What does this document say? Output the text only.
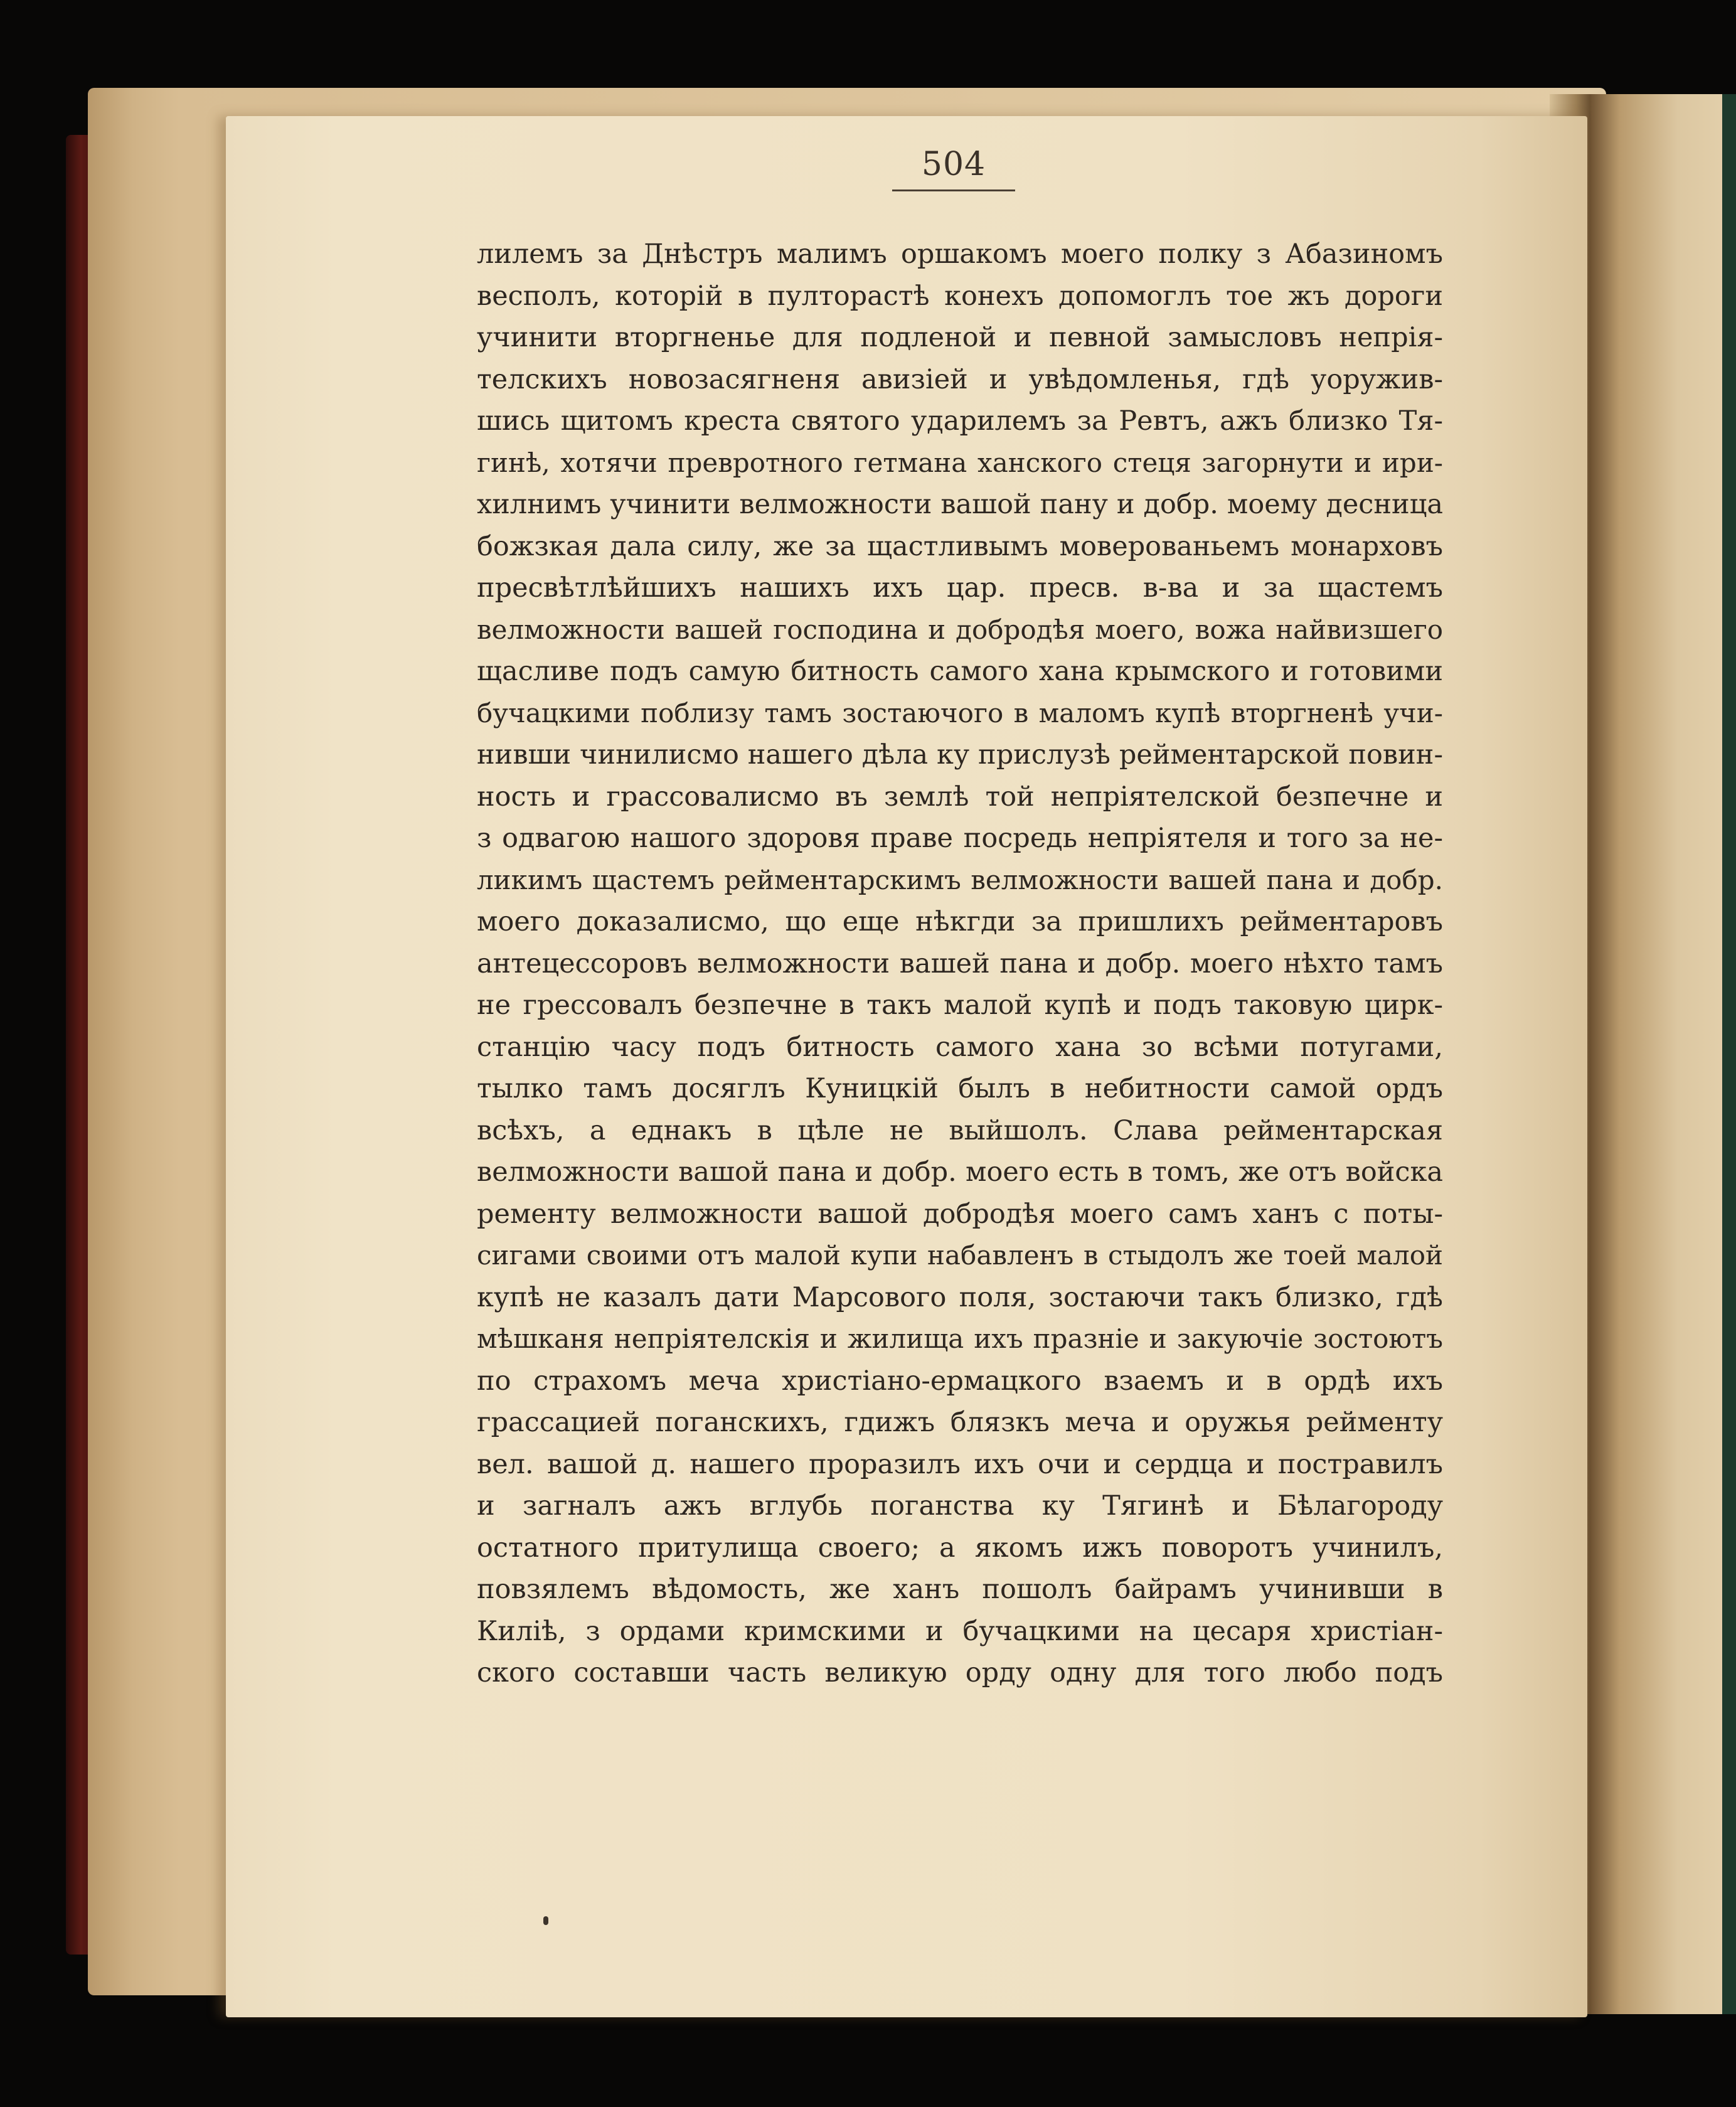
504
лилемъ за Днѣстръ малимъ оршакомъ моего полку з Абазиномъ
весполъ, которій в пулторастѣ конехъ допомоглъ тое жъ дороги
учинити вторгненье для подленой и певной замысловъ непрія-
телскихъ новозасягненя авизіей и увѣдомленья, гдѣ уоружив-
шись щитомъ креста святого ударилемъ за Ревтъ, ажъ близко Тя-
гинѣ, хотячи превротного гетмана ханского стеця загорнути и ири-
хилнимъ учинити велможности вашой пану и добр. моему десница
божзкая дала силу, же за щастливымъ моверованьемъ монарховъ
пресвѣтлѣйшихъ нашихъ ихъ цар. пресв. в-ва и за щастемъ
велможности вашей господина и добродѣя моего, вожа найвизшего
щасливе подъ самую битность самого хана крымского и готовими
бучацкими поблизу тамъ зостаючого в маломъ купѣ вторгненѣ учи-
нивши чинилисмо нашего дѣла ку прислузѣ рейментарской повин-
ность и грассовалисмо въ землѣ той непріятелской безпечне и
з одвагою нашого здоровя праве посредь непріятеля и того за не-
ликимъ щастемъ рейментарскимъ велможности вашей пана и добр.
моего доказалисмо, що еще нѣкгди за пришлихъ рейментаровъ
антецессоровъ велможности вашей пана и добр. моего нѣхто тамъ
не грессовалъ безпечне в такъ малой купѣ и подъ таковую цирк-
станцію часу подъ битность самого хана зо всѣми потугами,
тылко тамъ досяглъ Куницкій былъ в небитности самой ордъ
всѣхъ, а еднакъ в цѣле не выйшолъ. Слава рейментарская
велможности вашой пана и добр. моего есть в томъ, же отъ войска
ременту велможности вашой добродѣя моего самъ ханъ с поты-
сигами своими отъ малой купи набавленъ в стыдолъ же тоей малой
купѣ не казалъ дати Марсового поля, зостаючи такъ близко, гдѣ
мѣшканя непріятелскія и жилища ихъ празніе и закуючіе зостоютъ
по страхомъ меча христіано-ермацкого взаемъ и в ордѣ ихъ
грассацией поганскихъ, гдижъ блязкъ меча и оружья рейменту
вел. вашой д. нашего проразилъ ихъ очи и сердца и постравилъ
и загналъ ажъ вглубь поганства ку Тягинѣ и Бѣлагороду
остатного притулища своего; а якомъ ижъ поворотъ учинилъ,
повзялемъ вѣдомость, же ханъ пошолъ байрамъ учинивши в
Килiѣ, з ордами кримскими и бучацкими на цесаря христіан-
ского составши часть великую орду одну для того любо подъ
